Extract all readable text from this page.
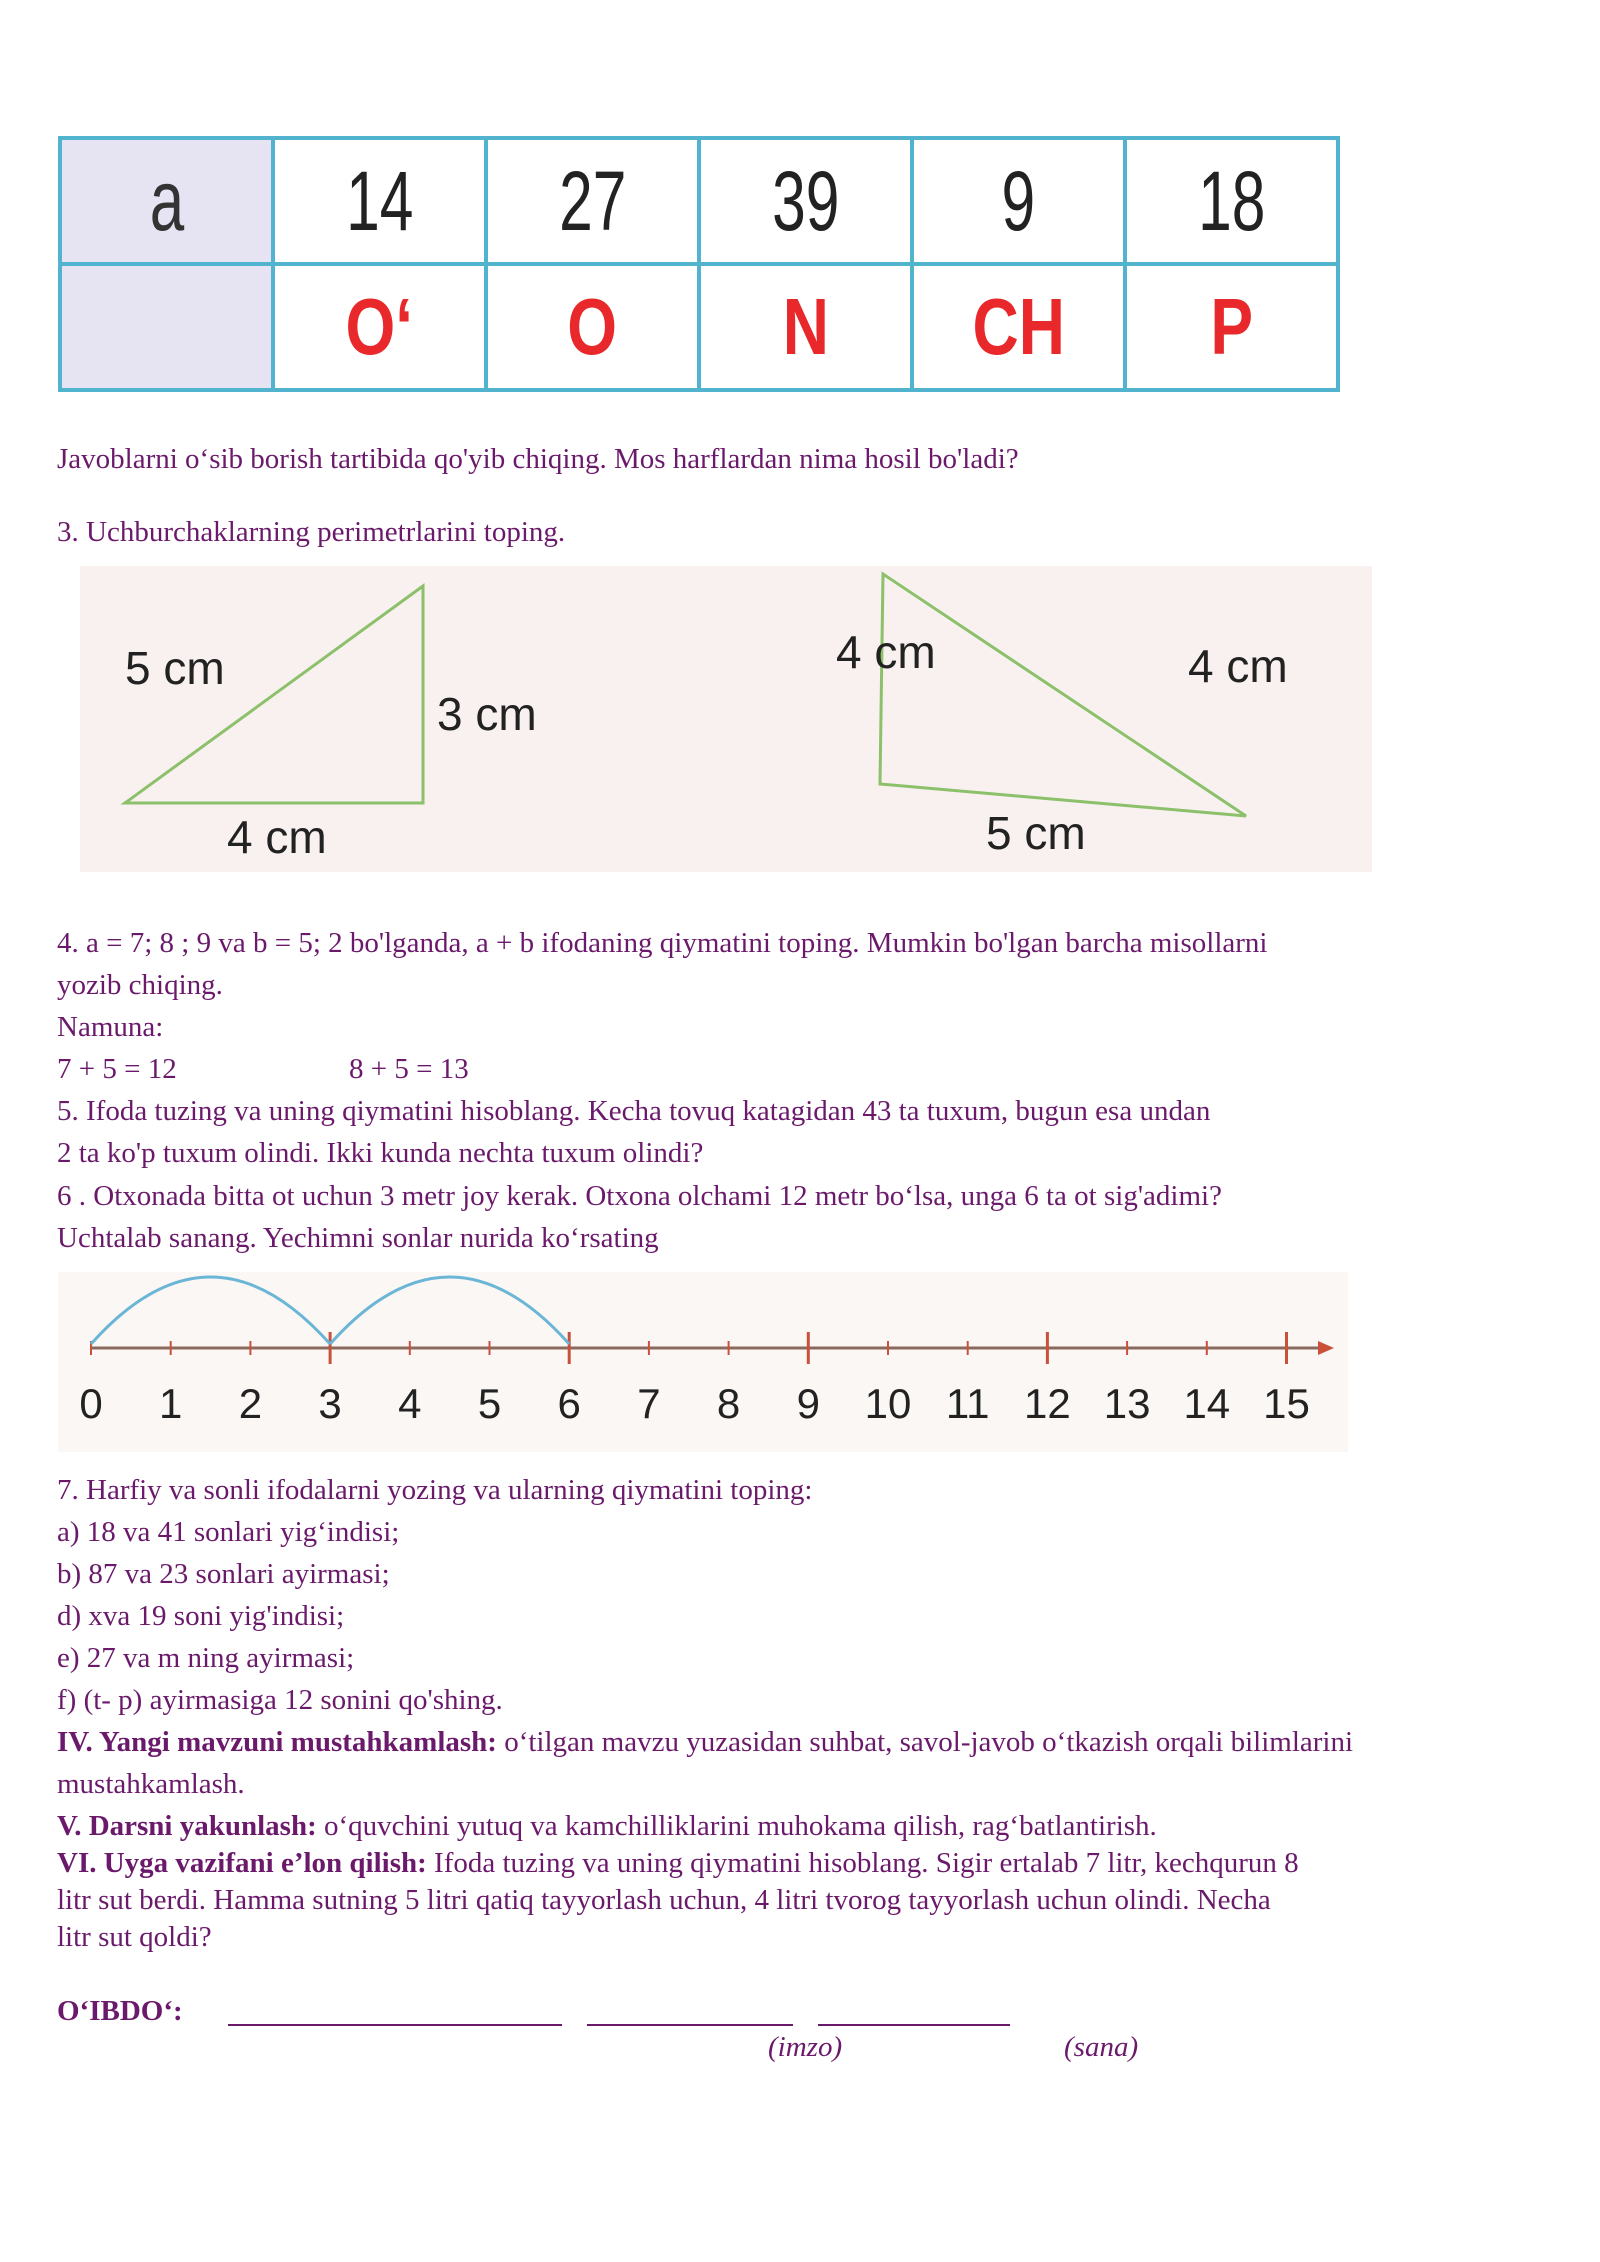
a	14	27	39	9	18
	O‘	O	N	CH	P
Javoblarni o‘sib borish tartibida qo'yib chiqing. Mos harflardan nima hosil bo'ladi?
3. Uchburchaklarning perimetrlarini toping.
5 cm
3 cm
4 cm
4 cm	4 cm
5 cm
4. a = 7; 8 ; 9 va b = 5; 2 bo'lganda, a + b ifodaning qiymatini toping. Mumkin bo'lgan barcha misollarni
yozib chiqing.
Namuna:
7 + 5 = 12	8 + 5 = 13
5. Ifoda tuzing va uning qiymatini hisoblang. Kecha tovuq katagidan 43 ta tuxum, bugun esa undan
2 ta ko'p tuxum olindi. Ikki kunda nechta tuxum olindi?
6 . Otxonada bitta ot uchun 3 metr joy kerak. Otxona olchami 12 metr bo‘lsa, unga 6 ta ot sig'adimi?
Uchtalab sanang. Yechimni sonlar nurida ko‘rsating
0 1 2 3 4 5 6 7 8 9 10 11 12 13 14 15
7. Harfiy va sonli ifodalarni yozing va ularning qiymatini toping:
a) 18 va 41 sonlari yig‘indisi;
b) 87 va 23 sonlari ayirmasi;
d) xva 19 soni yig'indisi;
e) 27 va m ning ayirmasi;
f) (t- p) ayirmasiga 12 sonini qo'shing.
IV. Yangi mavzuni mustahkamlash: o‘tilgan mavzu yuzasidan suhbat, savol-javob o‘tkazish orqali bilimlarini
mustahkamlash.
V. Darsni yakunlash: o‘quvchini yutuq va kamchilliklarini muhokama qilish, rag‘batlantirish.
VI. Uyga vazifani e’lon qilish: Ifoda tuzing va uning qiymatini hisoblang. Sigir ertalab 7 litr, kechqurun 8
litr sut berdi. Hamma sutning 5 litri qatiq tayyorlash uchun, 4 litri tvorog tayyorlash uchun olindi. Necha
litr sut qoldi?
O‘IBDO‘:
(imzo)	(sana)
